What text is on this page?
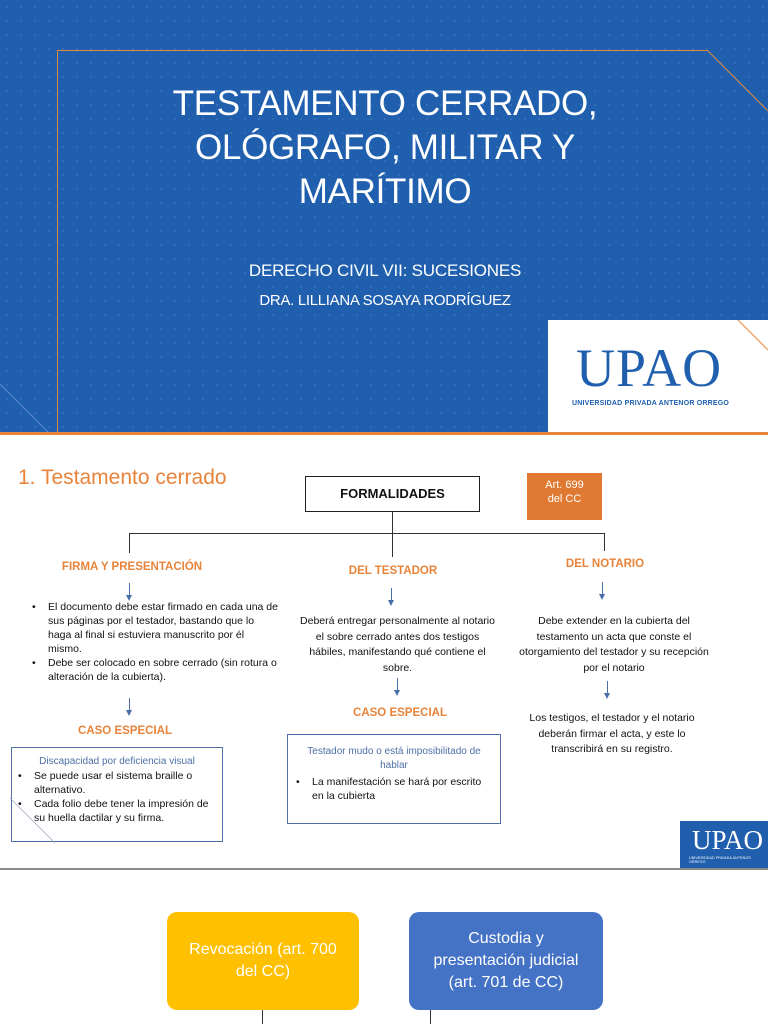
TESTAMENTO CERRADO,
OLÓGRAFO, MILITAR Y
MARÍTIMO
DERECHO CIVIL VII: SUCESIONES
DRA. LILLIANA SOSAYA RODRÍGUEZ
UPAO
UNIVERSIDAD PRIVADA ANTENOR ORREGO
1. Testamento cerrado
FORMALIDADES
Art. 699
del CC
FIRMA Y PRESENTACIÓN
• El documento debe estar firmado en cada una de sus páginas por el testador, bastando que lo haga al final si estuviera manuscrito por él mismo.
• Debe ser colocado en sobre cerrado (sin rotura o alteración de la cubierta).
CASO ESPECIAL
Discapacidad por deficiencia visual
• Se puede usar el sistema braille o alternativo.
• Cada folio debe tener la impresión de su huella dactilar y su firma.
DEL TESTADOR
Deberá entregar personalmente al notario el sobre cerrado antes dos testigos hábiles, manifestando qué contiene el sobre.
CASO ESPECIAL
Testador mudo o está imposibilitado de hablar
• La manifestación se hará por escrito en la cubierta
DEL NOTARIO
Debe extender en la cubierta del testamento un acta que conste el otorgamiento del testador y su recepción por el notario
Los testigos, el testador y el notario deberán firmar el acta, y este lo transcribirá en su registro.
UPAO
UNIVERSIDAD PRIVADA ANTENOR ORREGO
Revocación (art. 700 del CC)
Custodia y presentación judicial (art. 701 de CC)
